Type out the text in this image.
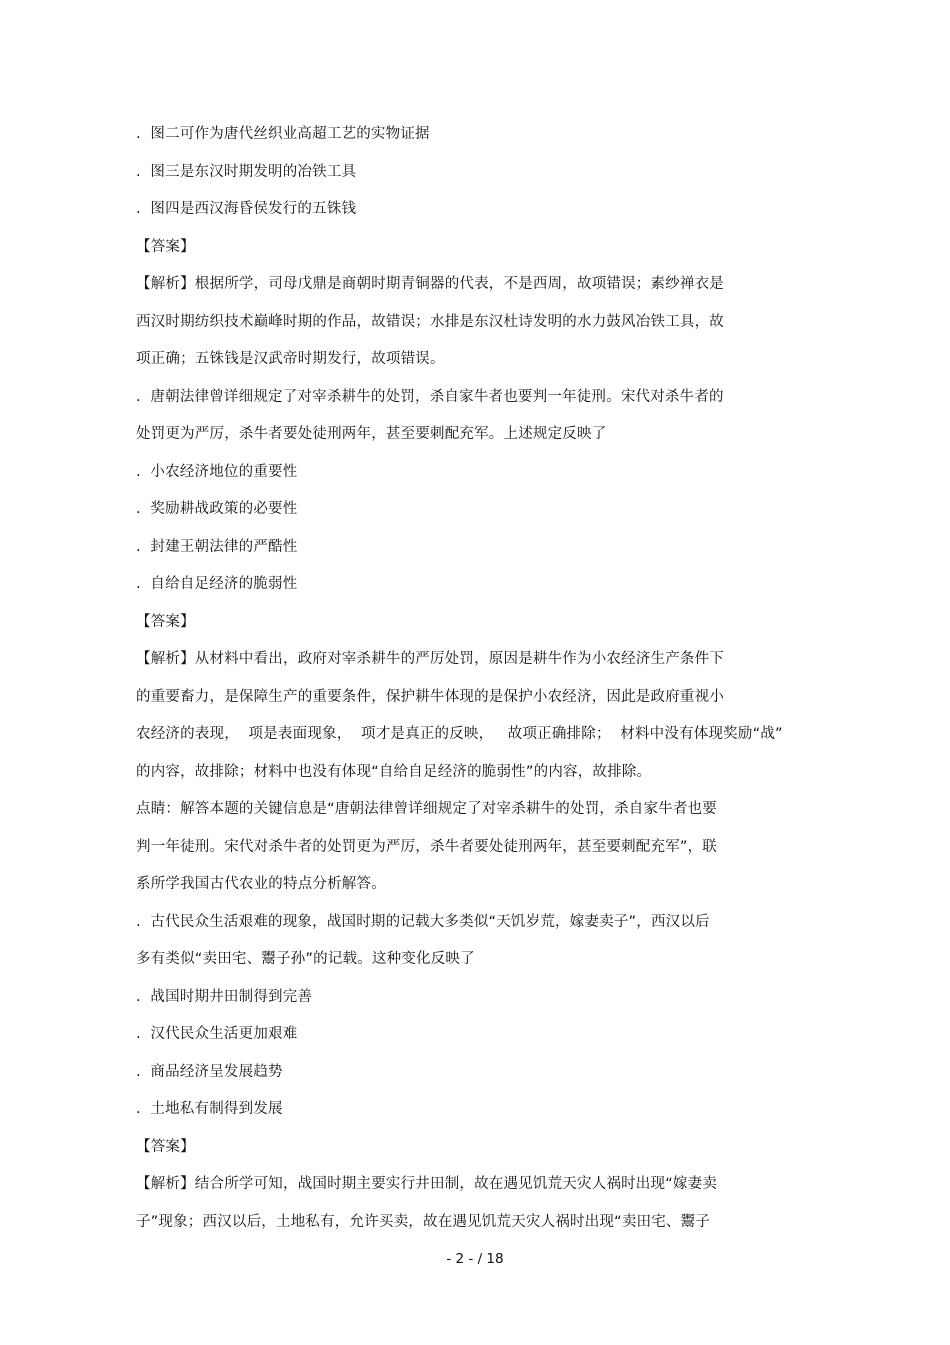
.  图二可作为唐代丝织业高超工艺的实物证据
.  图三是东汉时期发明的冶铁工具
.  图四是西汉海昏侯发行的五铢钱
【答案】
【解析】根据所学，司母戊鼎是商朝时期青铜器的代表，不是西周，故项错误；素纱禅衣是
西汉时期纺织技术巅峰时期的作品，故错误；水排是东汉杜诗发明的水力鼓风冶铁工具，故
项正确；五铢钱是汉武帝时期发行，故项错误。
.  唐朝法律曾详细规定了对宰杀耕牛的处罚，杀自家牛者也要判一年徒刑。宋代对杀牛者的
处罚更为严厉，杀牛者要处徒刑两年，甚至要刺配充军。上述规定反映了
.  小农经济地位的重要性
.  奖励耕战政策的必要性
.  封建王朝法律的严酷性
.  自给自足经济的脆弱性
【答案】
【解析】从材料中看出，政府对宰杀耕牛的严厉处罚，原因是耕牛作为小农经济生产条件下
的重要畜力，是保障生产的重要条件，保护耕牛体现的是保护小农经济，因此是政府重视小
农经济的表现，  项是表面现象，  项才是真正的反映，   故项正确排除；  材料中没有体现奖励“战”
的内容，故排除；材料中也没有体现“自给自足经济的脆弱性”的内容，故排除。
点睛：解答本题的关键信息是“唐朝法律曾详细规定了对宰杀耕牛的处罚，杀自家牛者也要
判一年徒刑。宋代对杀牛者的处罚更为严厉，杀牛者要处徒刑两年，甚至要刺配充军”，联
系所学我国古代农业的特点分析解答。
.  古代民众生活艰难的现象，战国时期的记载大多类似“天饥岁荒，嫁妻卖子”，西汉以后
多有类似“卖田宅、鬻子孙”的记载。这种变化反映了
.  战国时期井田制得到完善
.  汉代民众生活更加艰难
.  商品经济呈发展趋势
.  土地私有制得到发展
【答案】
【解析】结合所学可知，战国时期主要实行井田制，故在遇见饥荒天灾人祸时出现“嫁妻卖
子”现象；西汉以后，土地私有，允许买卖，故在遇见饥荒天灾人祸时出现“卖田宅、鬻子
- 2 - / 18
